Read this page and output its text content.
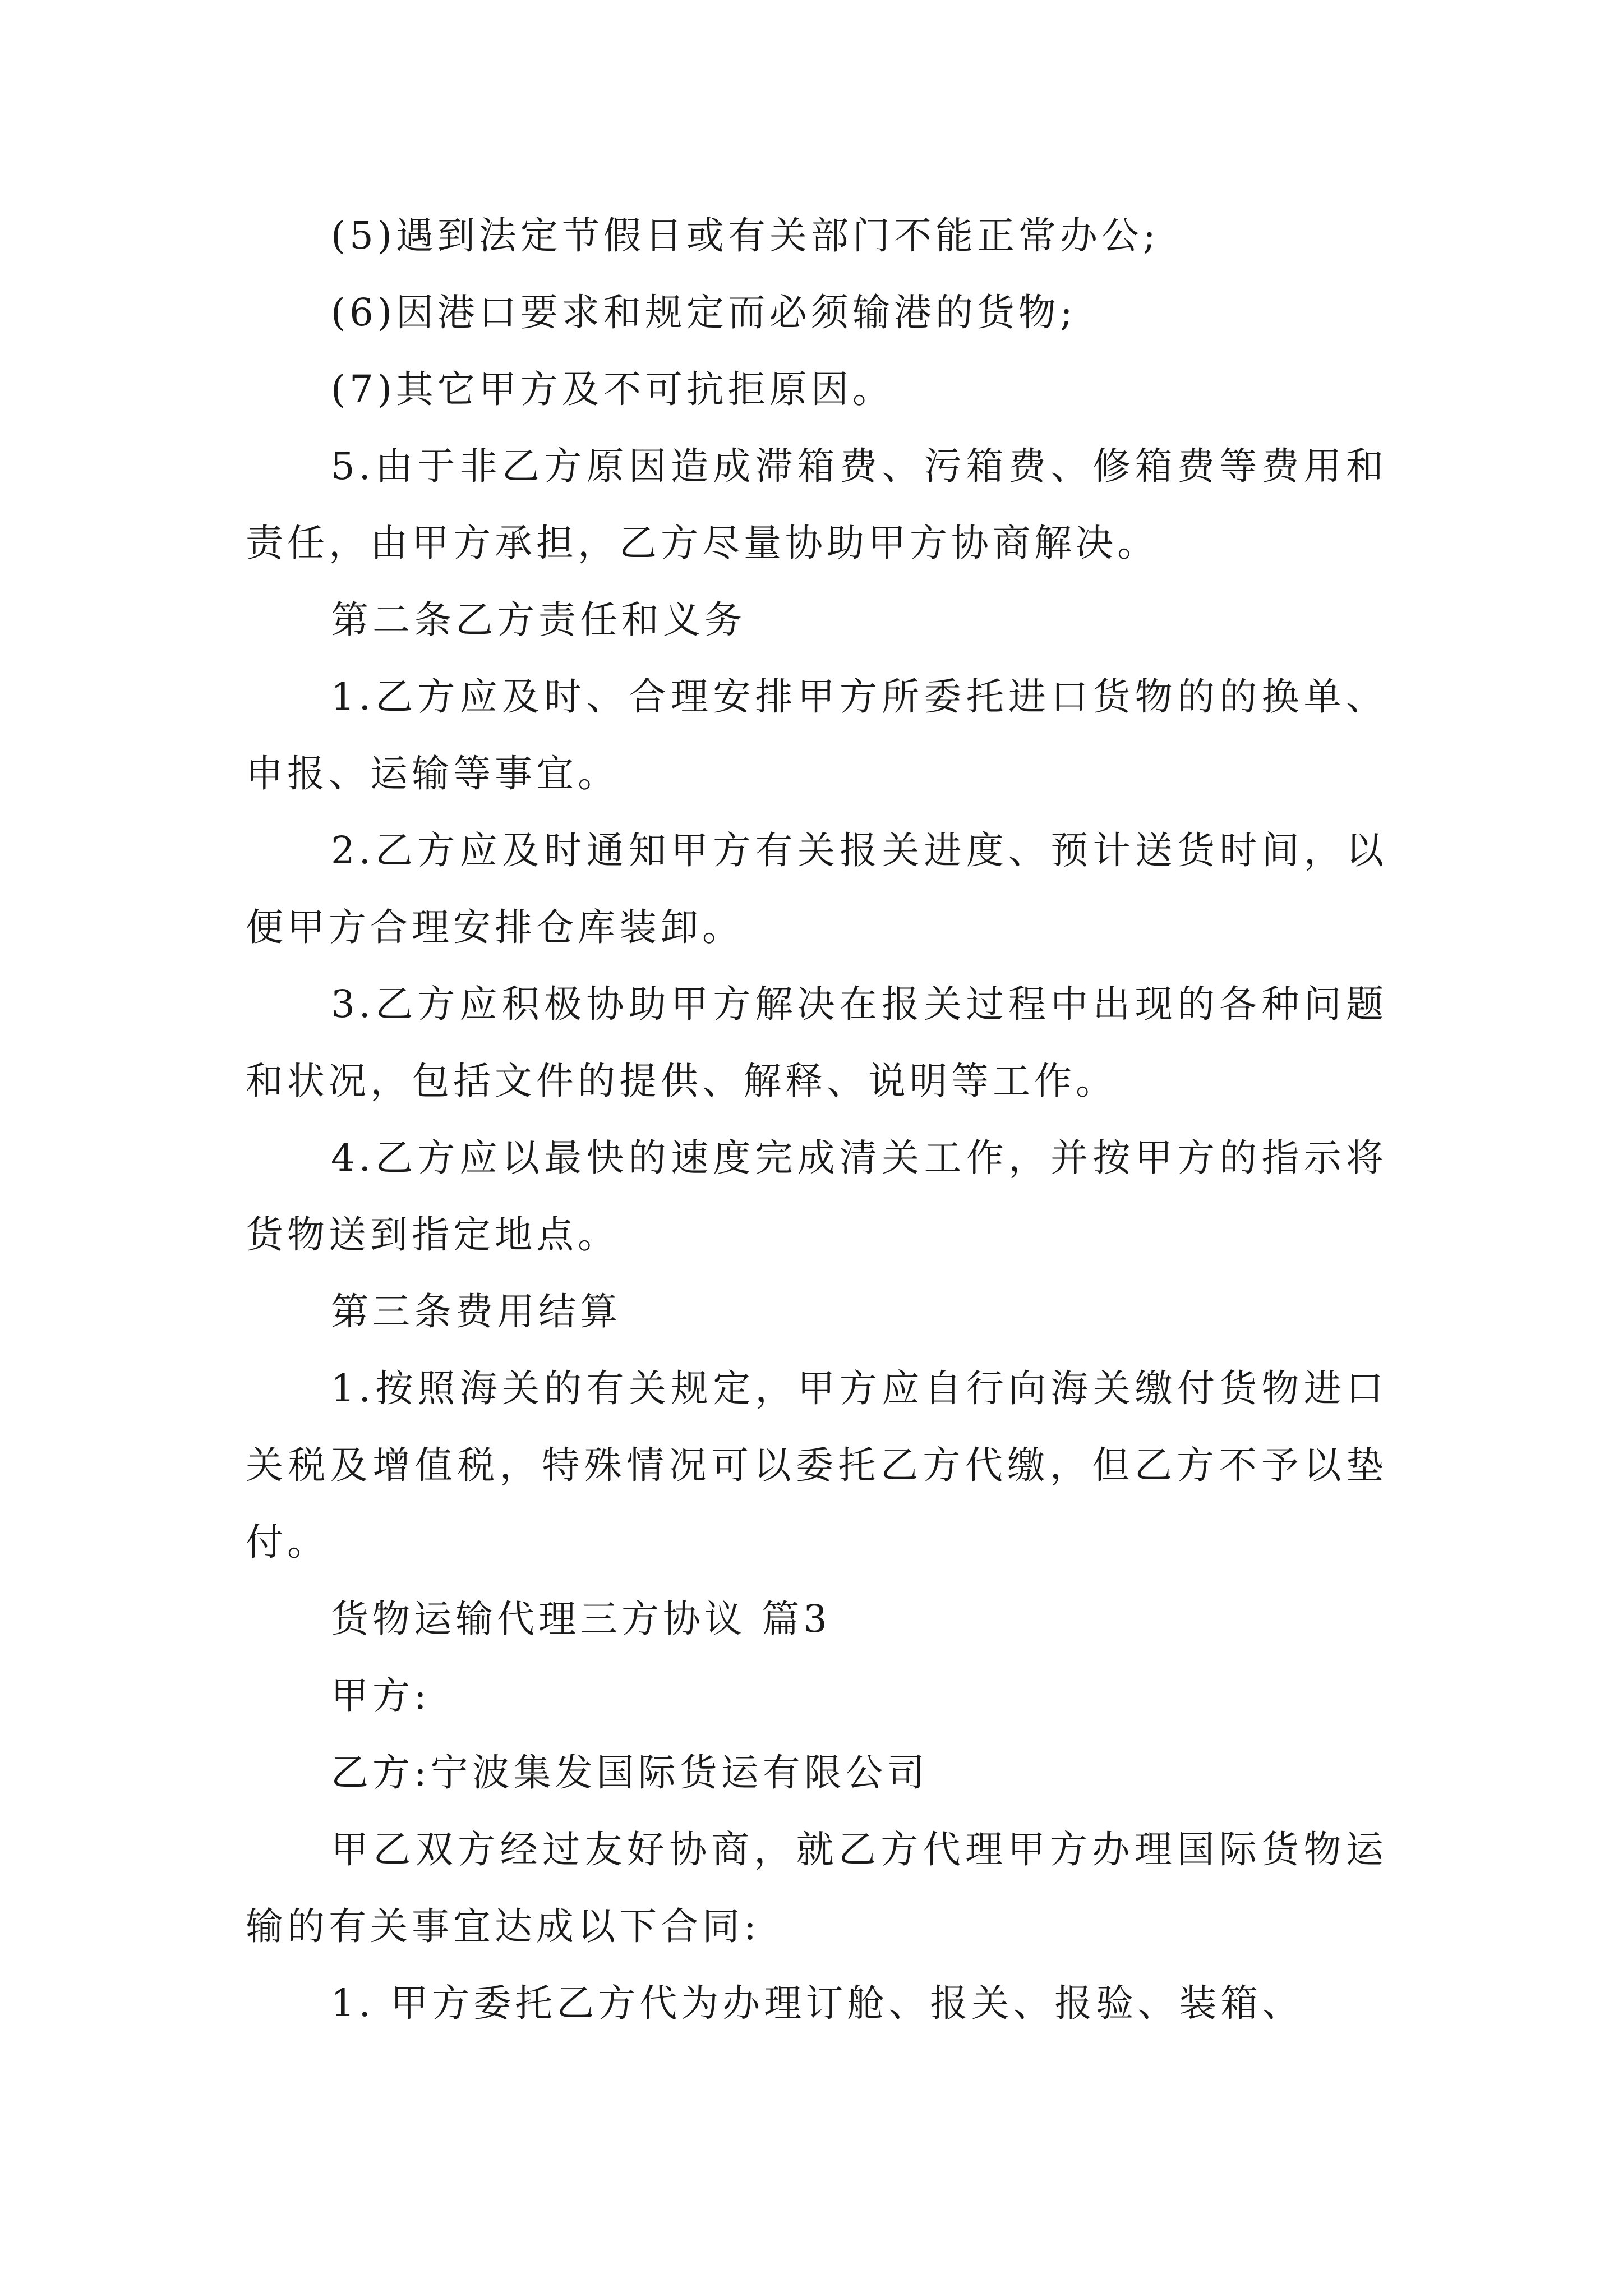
(5)遇到法定节假日或有关部门不能正常办公;

(6)因港口要求和规定而必须输港的货物;

(7)其它甲方及不可抗拒原因。

5.由于非乙方原因造成滞箱费、污箱费、修箱费等费用和责任，由甲方承担，乙方尽量协助甲方协商解决。

第二条乙方责任和义务

1.乙方应及时、合理安排甲方所委托进口货物的的换单、申报、运输等事宜。

2.乙方应及时通知甲方有关报关进度、预计送货时间，以便甲方合理安排仓库装卸。

3.乙方应积极协助甲方解决在报关过程中出现的各种问题和状况，包括文件的提供、解释、说明等工作。

4.乙方应以最快的速度完成清关工作，并按甲方的指示将货物送到指定地点。

第三条费用结算

1.按照海关的有关规定，甲方应自行向海关缴付货物进口关税及增值税，特殊情况可以委托乙方代缴，但乙方不予以垫付。

货物运输代理三方协议 篇3

甲方:

乙方:宁波集发国际货运有限公司

甲乙双方经过友好协商，就乙方代理甲方办理国际货物运输的有关事宜达成以下合同:

1. 甲方委托乙方代为办理订舱、报关、报验、装箱、
